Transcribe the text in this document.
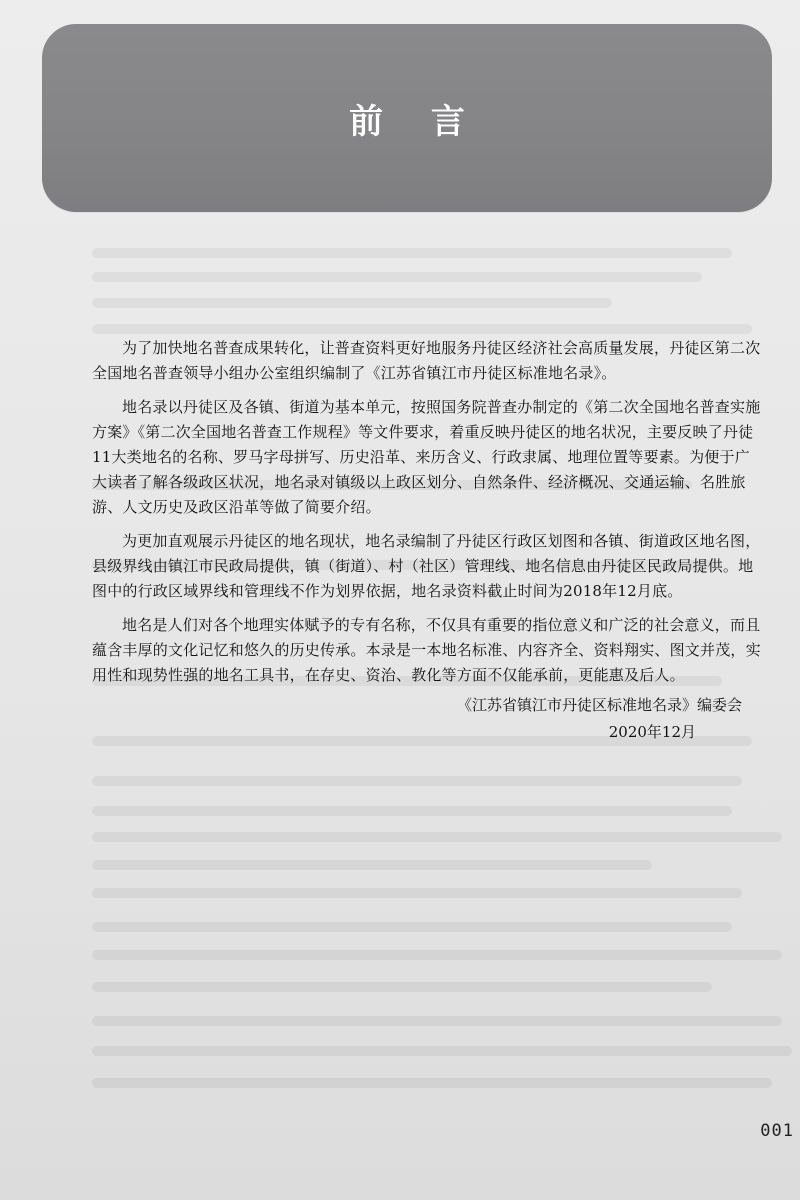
前 言

为了加快地名普查成果转化，让普查资料更好地服务丹徒区经济社会高质量发展，丹徒区第二次全国地名普查领导小组办公室组织编制了《江苏省镇江市丹徒区标准地名录》。

地名录以丹徒区及各镇、街道为基本单元，按照国务院普查办制定的《第二次全国地名普查实施方案》《第二次全国地名普查工作规程》等文件要求，着重反映丹徒区的地名状况，主要反映了丹徒11大类地名的名称、罗马字母拼写、历史沿革、来历含义、行政隶属、地理位置等要素。为便于广大读者了解各级政区状况，地名录对镇级以上政区划分、自然条件、经济概况、交通运输、名胜旅游、人文历史及政区沿革等做了简要介绍。

为更加直观展示丹徒区的地名现状，地名录编制了丹徒区行政区划图和各镇、街道政区地名图，县级界线由镇江市民政局提供，镇（街道）、村（社区）管理线、地名信息由丹徒区民政局提供。地图中的行政区域界线和管理线不作为划界依据，地名录资料截止时间为2018年12月底。

地名是人们对各个地理实体赋予的专有名称，不仅具有重要的指位意义和广泛的社会意义，而且蕴含丰厚的文化记忆和悠久的历史传承。本录是一本地名标准、内容齐全、资料翔实、图文并茂，实用性和现势性强的地名工具书，在存史、资治、教化等方面不仅能承前，更能惠及后人。

《江苏省镇江市丹徒区标准地名录》编委会
2020年12月
001
